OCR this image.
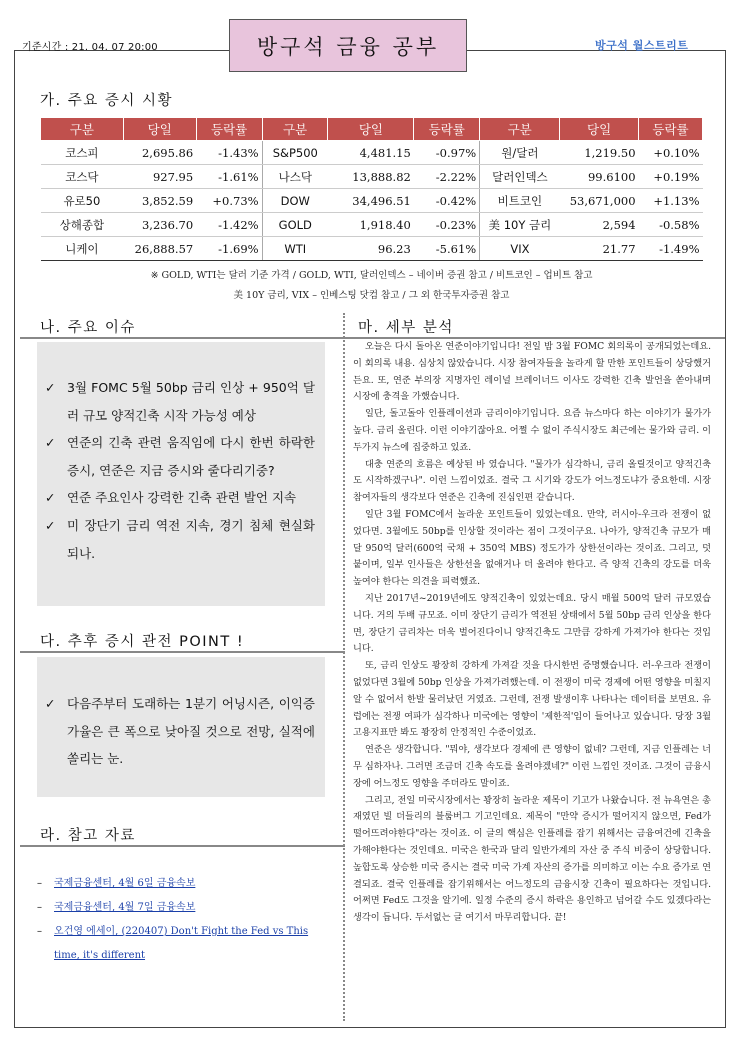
기준시간 : 21. 04. 07 20:00	방구석 금융 공부	방구석 월스트리트
가. 주요 증시 시황
구분	당일	등락률	구분	당일	등락률	구분	당일	등락률
코스피	2,695.86	-1.43%	S&P500	4,481.15	-0.97%	원/달러	1,219.50	+0.10%
코스닥	927.95	-1.61%	나스닥	13,888.82	-2.22%	달러인덱스	99.6100	+0.19%
유로50	3,852.59	+0.73%	DOW	34,496.51	-0.42%	비트코인	53,671,000	+1.13%
상해종합	3,236.70	-1.42%	GOLD	1,918.40	-0.23%	美 10Y 금리	2,594	-0.58%
니케이	26,888.57	-1.69%	WTI	96.23	-5.61%	VIX	21.77	-1.49%
※ GOLD, WTI는 달러 기준 가격 / GOLD, WTI, 달러인덱스 – 네이버 증권 참고 / 비트코인 – 업비트 참고
美 10Y 금리, VIX – 인베스팅 닷컴 참고 / 그 외 한국투자증권 참고
나. 주요 이슈
✓ 3월 FOMC 5월 50bp 금리 인상 + 950억 달러 규모 양적긴축 시작 가능성 예상
✓ 연준의 긴축 관련 움직임에 다시 한번 하락한 증시, 연준은 지금 증시와 줄다리기중?
✓ 연준 주요인사 강력한 긴축 관련 발언 지속
✓ 미 장단기 금리 역전 지속, 경기 침체 현실화 되나.
다. 추후 증시 관전 POINT !
✓ 다음주부터 도래하는 1분기 어닝시즌, 이익증가율은 큰 폭으로 낮아질 것으로 전망, 실적에 쏠리는 눈.
라. 참고 자료
– 국제금융센터, 4월 6일 금융속보
– 국제금융센터, 4월 7일 금융속보
– 오건영 에세이, (220407) Don't Fight the Fed vs This time, it's different
마. 세부 분석

오늘은 다시 돌아온 연준이야기입니다! 전일 밤 3월 FOMC 회의록이 공개되었는데요. 이 회의록 내용. 심상치 않았습니다. 시장 참여자들을 놀라게 할 만한 포인트들이 상당했거든요. 또, 연준 부의장 지명자인 레이널 브레이너드 이사도 강력한 긴축 발언을 쏟아내며 시장에 충격을 가했습니다.

일단, 돌고돌아 인플레이션과 금리이야기입니다. 요즘 뉴스마다 하는 이야기가 물가가 높다. 금리 올린다. 이런 이야기잖아요. 어쩔 수 없이 주식시장도 최근에는 물가와 금리. 이 두가지 뉴스에 집중하고 있죠.

대충 연준의 흐름은 예상된 바 였습니다. "물가가 심각하니, 금리 올릴것이고 양적긴축도 시작하겠구나". 이런 느낌이었죠. 결국 그 시기와 강도가 어느정도냐가 중요한데. 시장 참여자들의 생각보다 연준은 긴축에 진심인편 같습니다.

일단 3월 FOMC에서 놀라운 포인트들이 있었는데요. 만약, 러시아-우크라 전쟁이 없었다면. 3월에도 50bp를 인상할 것이라는 점이 그것이구요. 나아가, 양적긴축 규모가 매달 950억 달러(600억 국채 + 350억 MBS) 정도가가 상한선이라는 것이죠. 그리고, 덧붙이며, 일부 인사들은 상한선을 없애거나 더 올려야 한다고. 즉 양적 긴축의 강도를 더욱 높여야 한다는 의견을 피력했죠.

지난 2017년~2019년에도 양적긴축이 있었는데요. 당시 매월 500억 달러 규모였습니다. 거의 두배 규모죠. 이미 장단기 금리가 역전된 상태에서 5월 50bp 금리 인상을 한다면, 장단기 금리차는 더욱 벌어진다이니 양적긴축도 그만큼 강하게 가져가야 한다는 것입니다.

또, 금리 인상도 꽝장히 강하게 가져갈 것을 다시한번 증명했습니다. 러-우크라 전쟁이 없었다면 3월에 50bp 인상을 가져가려했는데. 이 전쟁이 미국 경제에 어떤 영향을 미칠지 알 수 없어서 한발 물러났던 거였죠. 그런데, 전쟁 발생이후 나타나는 데이터를 보면요. 유럽에는 전쟁 여파가 심각하나 미국에는 영향이 '제한적'임이 들어나고 있습니다. 당장 3월 고용지표만 봐도 꽝장히 안정적인 수준이었죠.

연준은 생각합니다. "뭐야, 생각보다 경제에 큰 영향이 없네? 그런데, 지금 인플레는 너무 심하자나. 그러면 조금더 긴축 속도를 올려야겠네?" 이런 느낌인 것이죠. 그것이 금융시장에 어느정도 영향을 주더라도 말이죠.

그리고, 전일 미국시장에서는 꽝장히 놀라운 제목이 기고가 나왔습니다. 전 뉴욕연은 총재였던 빌 더들리의 블룸버그 기고인데요. 제목이 "만약 증시가 떨어지지 않으면, Fed가 떨어뜨려야한다"라는 것이죠. 이 글의 핵심은 인플레를 잡기 위해서는 금융여건에 긴축을 가해야한다는 것인데요. 미국은 한국과 달리 일반가계의 자산 중 주식 비중이 상당합니다. 높합도록 상승한 미국 증시는 결국 미국 가계 자산의 증가를 의미하고 이는 수요 증가로 연결되죠. 결국 인플레를 잡기위해서는 어느정도의 금융시장 긴축이 필요하다는 것입니다. 어쩌면 Fed도 그것을 알기에. 일정 수준의 증시 하락은 용인하고 넘어갈 수도 있겠다라는 생각이 듭니다. 두서없는 글 여기서 마무리합니다. 끝!
